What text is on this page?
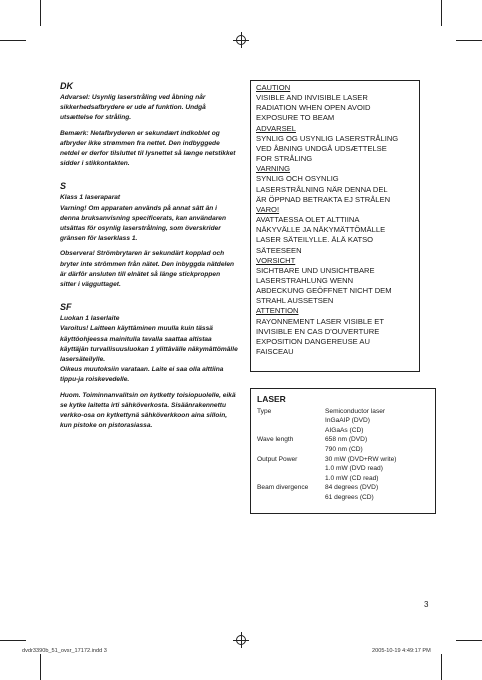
DK
Advarsel: Usynlig laserstråling ved åbning når sikkerhedsafbrydere er ude af funktion. Undgå utsættelse for stråling.
Bemærk: Netafbryderen er sekundært indkoblet og afbryder ikke strømmen fra nettet. Den indbyggede netdel er derfor tilsluttet til lysnettet så længe netstikket sidder i stikkontakten.
S
Klass 1 laseraparat
Varning! Om apparaten används på annat sätt än i denna bruksanvisning specificerats, kan användaren utsättas för osynlig laserstrålning, som överskrider gränsen för laserklass 1.
Observera! Strömbrytaren är sekundärt kopplad och bryter inte strömmen från nätet. Den inbyggda nätdelen är därför ansluten till elnätet så länge stickproppen sitter i vägguttaget.
SF
Luokan 1 laserlaite
Varoitus! Laitteen käyttäminen muulla kuin tässä käyttöohjeessa mainitulla tavalla saattaa altistaa käyttäjän turvallisuusluokan 1 ylittävälle näkymättömälle lasersäteilylle.
Oikeus muutoksiin varataan. Laite ei saa olla alttiina tippu-ja roiskevedelle.
Huom. Toiminnanvalitsin on kytketty toisiopuolelle, eikä se kytke laitetta irti sähköverkosta. Sisäänrakennettu verkko-osa on kytkettynä sähköverkkoon aina silloin, kun pistoke on pistorasiassa.
CAUTION
VISIBLE AND INVISIBLE LASER
RADIATION WHEN OPEN AVOID
EXPOSURE TO BEAM
ADVARSEL
SYNLIG OG USYNLIG LASERSTRÅLING
VED ÅBNING UNDGÅ UDSÆTTELSE
FOR STRÅLING
VARNING
SYNLIG OCH OSYNLIG
LASERSTRÅLNING NÄR DENNA DEL
ÄR ÖPPNAD BETRAKTA EJ STRÅLEN
VARO!
AVATTAESSA OLET ALTTIINA
NÄKYVÄLLE JA NÄKYMÄTTÖMÄLLE
LASER SÄTEILYLLE. ÄLÄ KATSO
SÄTEESEEN
VORSICHT
SICHTBARE UND UNSICHTBARE
LASERSTRAHLUNG WENN
ABDECKUNG GEÖFFNET NICHT DEM
STRAHL AUSSETSEN
ATTENTION
RAYONNEMENT LASER VISIBLE ET
INVISIBLE EN CAS D'OUVERTURE
EXPOSITION DANGEREUSE AU
FAISCEAU
LASER
Type	Semiconductor laser
InGaAIP (DVD)
AIGaAs (CD)
Wave length	658 nm (DVD)
790 nm (CD)
Output Power	30 mW (DVD+RW write)
1.0 mW (DVD read)
1.0 mW (CD read)
Beam divergence	84 degrees (DVD)
61 degrees (CD)
3
dvdr3390b_51_ovsr_17172.indd 3	2005-10-19 4:49:17 PM
